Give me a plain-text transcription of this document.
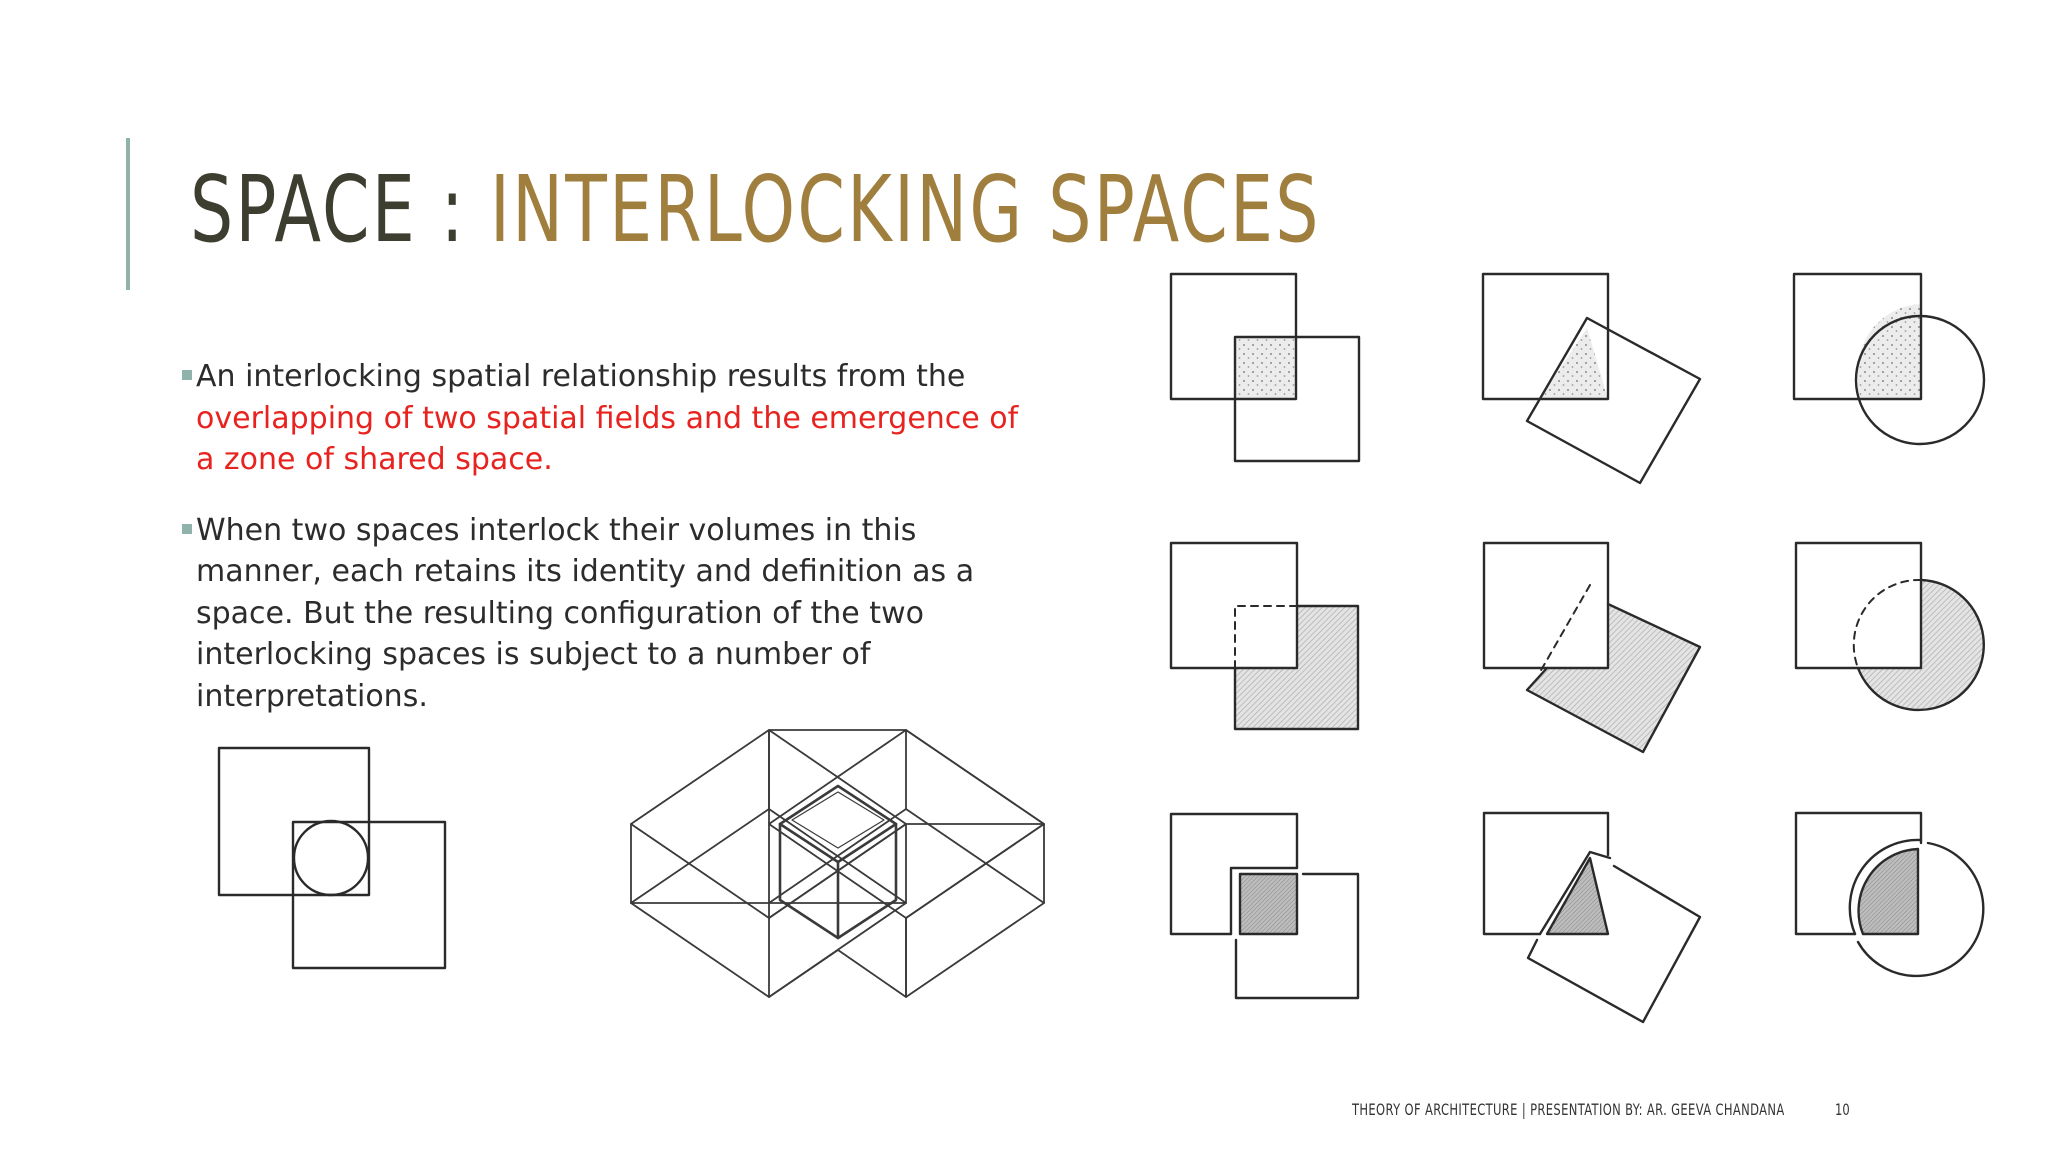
SPACE : INTERLOCKING SPACES
An interlocking spatial relationship results from the overlapping of two spatial fields and the emergence of a zone of shared space.
When two spaces interlock their volumes in this manner, each retains its identity and definition as a space. But the resulting configuration of the two interlocking spaces is subject to a number of interpretations.
THEORY OF ARCHITECTURE | PRESENTATION BY: AR. GEEVA CHANDANA	10
